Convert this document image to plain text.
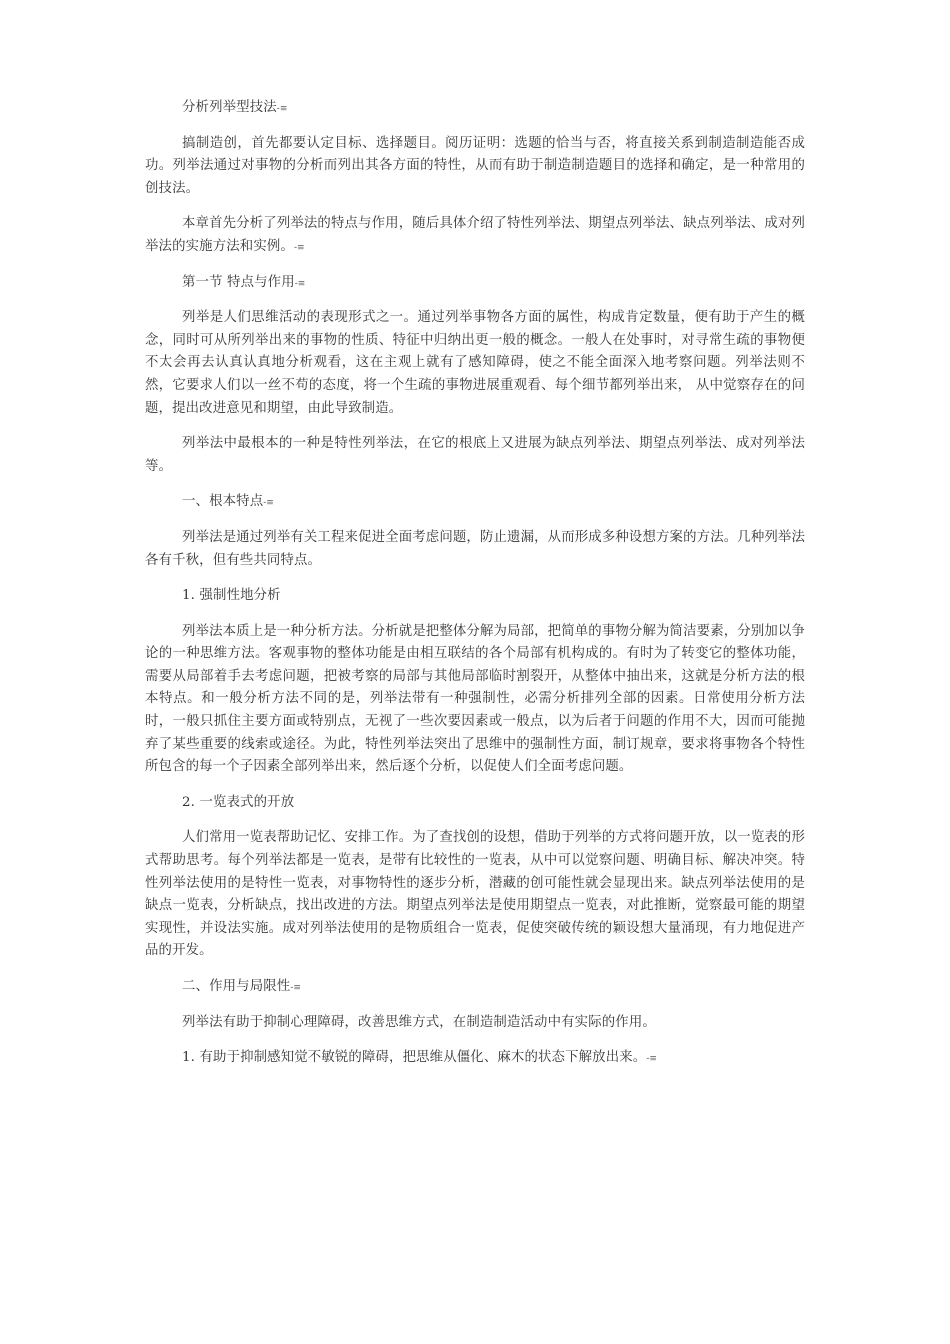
分析列举型技法-≡

搞制造创，首先都要认定目标、选择题目。阅历证明：选题的恰当与否，将直接关系到制造制造能否成功。列举法通过对事物的分析而列出其各方面的特性，从而有助于制造制造题目的选择和确定，是一种常用的创技法。

本章首先分析了列举法的特点与作用，随后具体介绍了特性列举法、期望点列举法、缺点列举法、成对列举法的实施方法和实例。-≡

第一节 特点与作用-≡

列举是人们思维活动的表现形式之一。通过列举事物各方面的属性，构成肯定数量，便有助于产生的概念，同时可从所列举出来的事物的性质、特征中归纳出更一般的概念。一般人在处事时，对寻常生疏的事物便不太会再去认真认真地分析观看，这在主观上就有了感知障碍，使之不能全面深入地考察问题。列举法则不然，它要求人们以一丝不苟的态度，将一个生疏的事物进展重观看、每个细节都列举出来， 从中觉察存在的问题，提出改进意见和期望，由此导致制造。

列举法中最根本的一种是特性列举法，在它的根底上又进展为缺点列举法、期望点列举法、成对列举法等。

一、根本特点-≡

列举法是通过列举有关工程来促进全面考虑问题，防止遗漏，从而形成多种设想方案的方法。几种列举法各有千秋，但有些共同特点。

1. 强制性地分析

列举法本质上是一种分析方法。分析就是把整体分解为局部，把简单的事物分解为简洁要素，分别加以争论的一种思维方法。客观事物的整体功能是由相互联结的各个局部有机构成的。有时为了转变它的整体功能，需要从局部着手去考虑问题，把被考察的局部与其他局部临时割裂开，从整体中抽出来，这就是分析方法的根本特点。和一般分析方法不同的是，列举法带有一种强制性，必需分析排列全部的因素。日常使用分析方法时，一般只抓住主要方面或特别点，无视了一些次要因素或一般点，以为后者于问题的作用不大，因而可能抛弃了某些重要的线索或途径。为此，特性列举法突出了思维中的强制性方面，制订规章，要求将事物各个特性所包含的每一个子因素全部列举出来，然后逐个分析，以促使人们全面考虑问题。

2. 一览表式的开放

人们常用一览表帮助记忆、安排工作。为了查找创的设想，借助于列举的方式将问题开放，以一览表的形式帮助思考。每个列举法都是一览表，是带有比较性的一览表，从中可以觉察问题、明确目标、解决冲突。特性列举法使用的是特性一览表，对事物特性的逐步分析，潜藏的创可能性就会显现出来。缺点列举法使用的是缺点一览表，分析缺点，找出改进的方法。期望点列举法是使用期望点一览表，对此推断，觉察最可能的期望实现性，并设法实施。成对列举法使用的是物质组合一览表，促使突破传统的颖设想大量涌现，有力地促进产品的开发。

二、作用与局限性-≡

列举法有助于抑制心理障碍，改善思维方式，在制造制造活动中有实际的作用。

1. 有助于抑制感知觉不敏锐的障碍，把思维从僵化、麻木的状态下解放出来。-≡
